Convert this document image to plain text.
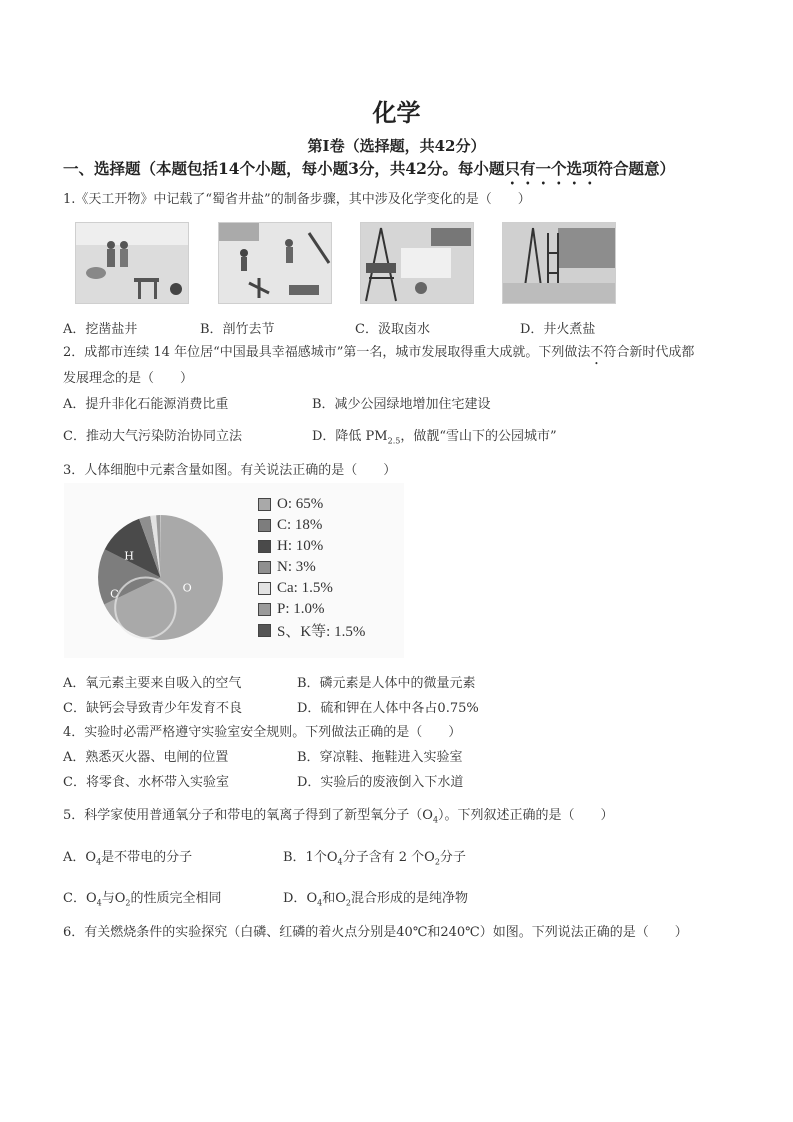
化学
第Ⅰ卷（选择题，共42分）
一、选择题（本题包括14个小题，每小题3分，共42分。每小题只有一个选项符合题意）
1.《天工开物》中记载了“蜀省井盐”的制备步骤，其中涉及化学变化的是（　　）
A．挖凿盐井	B．剖竹去节	C．汲取卤水	D．井火煮盐
2．成都市连续 14 年位居“中国最具幸福感城市”第一名，城市发展取得重大成就。下列做法不符合新时代成都
发展理念的是（　　）
A．提升非化石能源消费比重	B．减少公园绿地增加住宅建设
C．推动大气污染防治协同立法	D．降低 $PM_{2.5}$，做靓“雪山下的公园城市”
3．人体细胞中元素含量如图。有关说法正确的是（　　）
O
C
H
O: 65%
C: 18%
H: 10%
N: 3%
Ca: 1.5%
P: 1.0%
S、K等: 1.5%
A．氧元素主要来自吸入的空气	B．磷元素是人体中的微量元素
C．缺钙会导致青少年发育不良	D．硫和钾在人体中各占0.75%
4．实验时必需严格遵守实验室安全规则。下列做法正确的是（　　）
A．熟悉灭火器、电闸的位置	B．穿凉鞋、拖鞋进入实验室
C．将零食、水杯带入实验室	D．实验后的废液倒入下水道
5．科学家使用普通氧分子和带电的氧离子得到了新型氧分子$(O_4)$。下列叙述正确的是（　　）
A．$O_4$是不带电的分子	B．1个$O_4$分子含有 2 个$O_2$分子
C．$O_4$与$O_2$的性质完全相同	D．$O_4$和$O_2$混合形成的是纯净物
6．有关燃烧条件的实验探究（白磷、红磷的着火点分别是40℃和240℃）如图。下列说法正确的是（　　）
